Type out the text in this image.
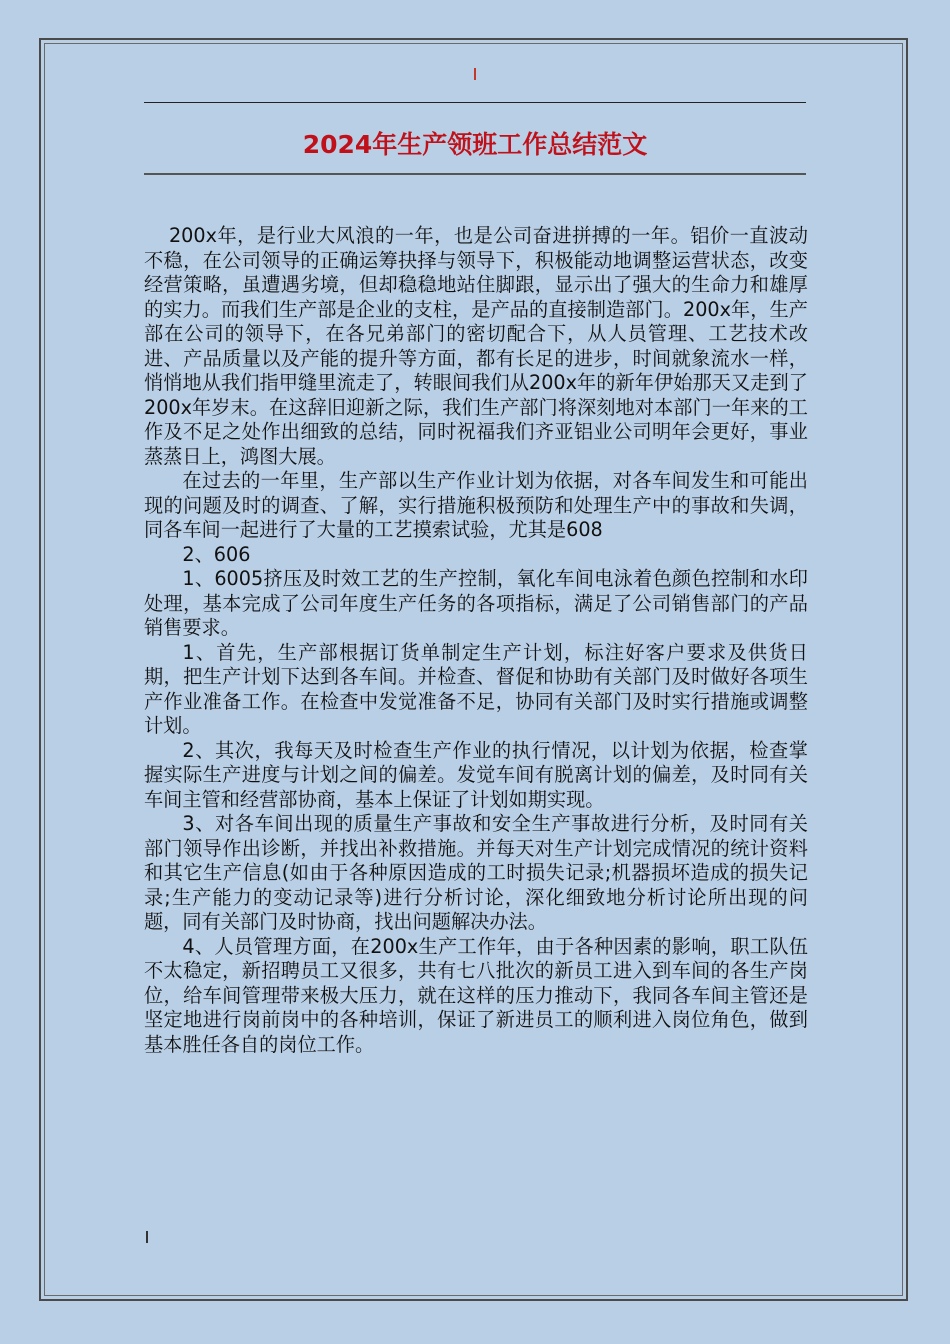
2024年生产领班工作总结范文

200x年，是行业大风浪的一年，也是公司奋进拼搏的一年。铝价一直波动不稳，在公司领导的正确运筹抉择与领导下，积极能动地调整运营状态，改变经营策略，虽遭遇劣境，但却稳稳地站住脚跟，显示出了强大的生命力和雄厚的实力。而我们生产部是企业的支柱，是产品的直接制造部门。200x年，生产部在公司的领导下，在各兄弟部门的密切配合下，从人员管理、工艺技术改进、产品质量以及产能的提升等方面，都有长足的进步，时间就象流水一样，悄悄地从我们指甲缝里流走了，转眼间我们从200x年的新年伊始那天又走到了200x年岁末。在这辞旧迎新之际，我们生产部门将深刻地对本部门一年来的工作及不足之处作出细致的总结，同时祝福我们齐亚铝业公司明年会更好，事业蒸蒸日上，鸿图大展。

在过去的一年里，生产部以生产作业计划为依据，对各车间发生和可能出现的问题及时的调查、了解，实行措施积极预防和处理生产中的事故和失调，同各车间一起进行了大量的工艺摸索试验，尤其是608

2、606

1、6005挤压及时效工艺的生产控制，氧化车间电泳着色颜色控制和水印处理，基本完成了公司年度生产任务的各项指标，满足了公司销售部门的产品销售要求。

1、首先，生产部根据订货单制定生产计划，标注好客户要求及供货日期，把生产计划下达到各车间。并检查、督促和协助有关部门及时做好各项生产作业准备工作。在检查中发觉准备不足，协同有关部门及时实行措施或调整计划。

2、其次，我每天及时检查生产作业的执行情况，以计划为依据，检查掌握实际生产进度与计划之间的偏差。发觉车间有脱离计划的偏差，及时同有关车间主管和经营部协商，基本上保证了计划如期实现。

3、对各车间出现的质量生产事故和安全生产事故进行分析，及时同有关部门领导作出诊断，并找出补救措施。并每天对生产计划完成情况的统计资料和其它生产信息(如由于各种原因造成的工时损失记录;机器损坏造成的损失记录;生产能力的变动记录等)进行分析讨论，深化细致地分析讨论所出现的问题，同有关部门及时协商，找出问题解决办法。

4、人员管理方面，在200x生产工作年，由于各种因素的影响，职工队伍不太稳定，新招聘员工又很多，共有七八批次的新员工进入到车间的各生产岗位，给车间管理带来极大压力，就在这样的压力推动下，我同各车间主管还是坚定地进行岗前岗中的各种培训，保证了新进员工的顺利进入岗位角色，做到基本胜任各自的岗位工作。
